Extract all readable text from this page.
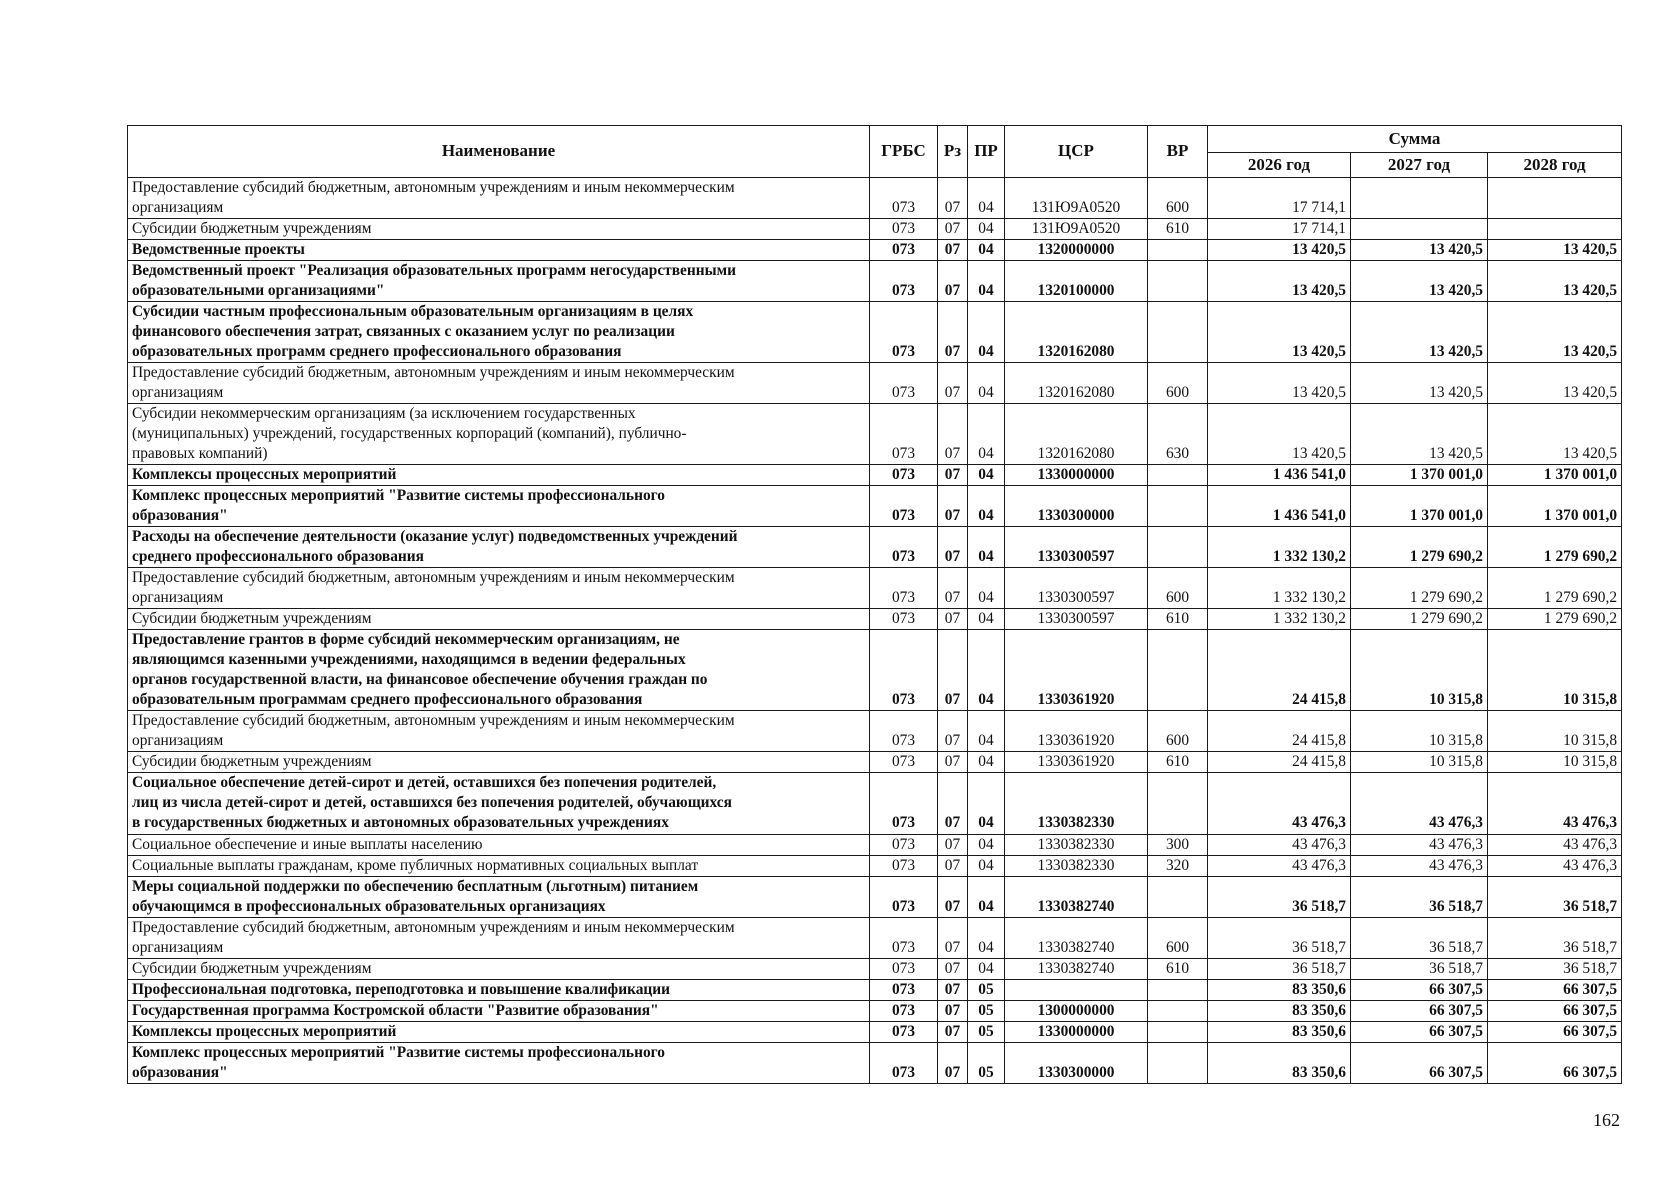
Наименование	ГРБС	Рз	ПР	ЦСР	ВР	Сумма		
						2026 год	2027 год	2028 год
Предоставление субсидий бюджетным, автономным учреждениям и иным некоммерческим
организациям	073	07	04	131Ю9А0520	600	17 714,1		
Субсидии бюджетным учреждениям	073	07	04	131Ю9А0520	610	17 714,1		
Ведомственные проекты	073	07	04	1320000000		13 420,5	13 420,5	13 420,5
Ведомственный проект "Реализация образовательных программ негосударственными
образовательными организациями"	073	07	04	1320100000		13 420,5	13 420,5	13 420,5
Субсидии частным профессиональным образовательным организациям в целях
финансового обеспечения затрат, связанных с оказанием услуг по реализации
образовательных программ среднего профессионального образования	073	07	04	1320162080		13 420,5	13 420,5	13 420,5
Предоставление субсидий бюджетным, автономным учреждениям и иным некоммерческим
организациям	073	07	04	1320162080	600	13 420,5	13 420,5	13 420,5
Субсидии некоммерческим организациям (за исключением государственных
(муниципальных) учреждений, государственных корпораций (компаний), публично-
правовых компаний)	073	07	04	1320162080	630	13 420,5	13 420,5	13 420,5
Комплексы процессных мероприятий	073	07	04	1330000000		1 436 541,0	1 370 001,0	1 370 001,0
Комплекс процессных мероприятий "Развитие системы профессионального
образования"	073	07	04	1330300000		1 436 541,0	1 370 001,0	1 370 001,0
Расходы на обеспечение деятельности (оказание услуг) подведомственных учреждений
среднего профессионального образования	073	07	04	1330300597		1 332 130,2	1 279 690,2	1 279 690,2
Предоставление субсидий бюджетным, автономным учреждениям и иным некоммерческим
организациям	073	07	04	1330300597	600	1 332 130,2	1 279 690,2	1 279 690,2
Субсидии бюджетным учреждениям	073	07	04	1330300597	610	1 332 130,2	1 279 690,2	1 279 690,2
Предоставление грантов в форме субсидий некоммерческим организациям, не
являющимся казенными учреждениями, находящимся в ведении федеральных
органов государственной власти, на финансовое обеспечение обучения граждан по
образовательным программам среднего профессионального образования	073	07	04	1330361920		24 415,8	10 315,8	10 315,8
Предоставление субсидий бюджетным, автономным учреждениям и иным некоммерческим
организациям	073	07	04	1330361920	600	24 415,8	10 315,8	10 315,8
Субсидии бюджетным учреждениям	073	07	04	1330361920	610	24 415,8	10 315,8	10 315,8
Социальное обеспечение детей-сирот и детей, оставшихся без попечения родителей,
лиц из числа детей-сирот и детей, оставшихся без попечения родителей, обучающихся
в государственных бюджетных и автономных образовательных учреждениях	073	07	04	1330382330		43 476,3	43 476,3	43 476,3
Социальное обеспечение и иные выплаты населению	073	07	04	1330382330	300	43 476,3	43 476,3	43 476,3
Социальные выплаты гражданам, кроме публичных нормативных социальных выплат	073	07	04	1330382330	320	43 476,3	43 476,3	43 476,3
Меры социальной поддержки по обеспечению бесплатным (льготным) питанием
обучающимся в профессиональных образовательных организациях	073	07	04	1330382740		36 518,7	36 518,7	36 518,7
Предоставление субсидий бюджетным, автономным учреждениям и иным некоммерческим
организациям	073	07	04	1330382740	600	36 518,7	36 518,7	36 518,7
Субсидии бюджетным учреждениям	073	07	04	1330382740	610	36 518,7	36 518,7	36 518,7
Профессиональная подготовка, переподготовка и повышение квалификации	073	07	05			83 350,6	66 307,5	66 307,5
Государственная программа Костромской области "Развитие образования"	073	07	05	1300000000		83 350,6	66 307,5	66 307,5
Комплексы процессных мероприятий	073	07	05	1330000000		83 350,6	66 307,5	66 307,5
Комплекс процессных мероприятий "Развитие системы профессионального
образования"	073	07	05	1330300000		83 350,6	66 307,5	66 307,5
162
